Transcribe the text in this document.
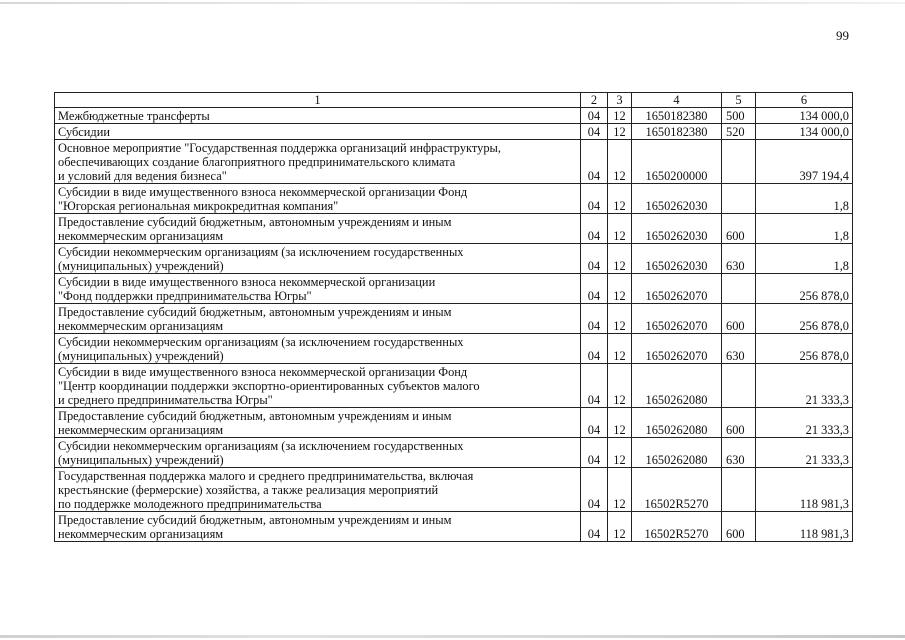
99
1	2	3	4	5	6
Межбюджетные трансферты	04	12	1650182380	500	134 000,0
Субсидии	04	12	1650182380	520	134 000,0
Основное мероприятие "Государственная поддержка организаций инфраструктуры,
обеспечивающих создание благоприятного предпринимательского климата
и условий для ведения бизнеса"	04	12	1650200000		397 194,4
Субсидии в виде имущественного взноса некоммерческой организации Фонд
"Югорская региональная микрокредитная компания"	04	12	1650262030		1,8
Предоставление субсидий бюджетным, автономным учреждениям и иным
некоммерческим организациям	04	12	1650262030	600	1,8
Субсидии некоммерческим организациям (за исключением государственных
(муниципальных) учреждений)	04	12	1650262030	630	1,8
Субсидии в виде имущественного взноса некоммерческой организации
"Фонд поддержки предпринимательства Югры"	04	12	1650262070		256 878,0
Предоставление субсидий бюджетным, автономным учреждениям и иным
некоммерческим организациям	04	12	1650262070	600	256 878,0
Субсидии некоммерческим организациям (за исключением государственных
(муниципальных) учреждений)	04	12	1650262070	630	256 878,0
Субсидии в виде имущественного взноса некоммерческой организации Фонд
"Центр координации поддержки экспортно-ориентированных субъектов малого
и среднего предпринимательства Югры"	04	12	1650262080		21 333,3
Предоставление субсидий бюджетным, автономным учреждениям и иным
некоммерческим организациям	04	12	1650262080	600	21 333,3
Субсидии некоммерческим организациям (за исключением государственных
(муниципальных) учреждений)	04	12	1650262080	630	21 333,3
Государственная поддержка малого и среднего предпринимательства, включая
крестьянские (фермерские) хозяйства, а также реализация мероприятий
по поддержке молодежного предпринимательства	04	12	16502R5270		118 981,3
Предоставление субсидий бюджетным, автономным учреждениям и иным
некоммерческим организациям	04	12	16502R5270	600	118 981,3
